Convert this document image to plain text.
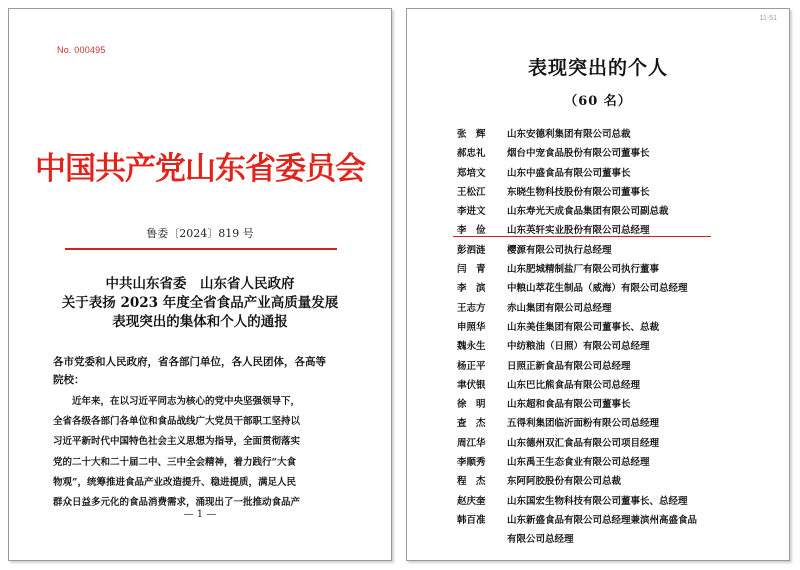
No. 000495
中国共产党山东省委员会
鲁委〔2024〕819 号
中共山东省委　山东省人民政府
关于表扬 2023 年度全省食品产业高质量发展
表现突出的集体和个人的通报
各市党委和人民政府，省各部门单位，各人民团体，各高等
院校：
　　近年来，在以习近平同志为核心的党中央坚强领导下，
全省各级各部门各单位和食品战线广大党员干部职工坚持以
习近平新时代中国特色社会主义思想为指导，全面贯彻落实
党的二十大和二十届二中、三中全会精神，着力践行“大食
物观”，统筹推进食品产业改造提升、稳进提质，满足人民
群众日益多元化的食品消费需求，涌现出了一批推动食品产
— 1 —
11-51
表现突出的个人
（60 名）
张　辉	山东安德利集团有限公司总裁
郝忠礼	烟台中宠食品股份有限公司董事长
郑培文	山东中盛食品有限公司董事长
王松江	东晓生物科技股份有限公司董事长
李进文	山东寿光天成食品集团有限公司副总裁
李　俭	山东英轩实业股份有限公司总经理
彭泗涟	樱源有限公司执行总经理
闫　青	山东肥城精制盐厂有限公司执行董事
李　滨	中粮山萃花生制品（威海）有限公司总经理
王志方	赤山集团有限公司总经理
申照华	山东美佳集团有限公司董事长、总裁
魏永生	中纺粮油（日照）有限公司总经理
杨正平	日照正新食品有限公司总经理
聿伏银	山东巴比熊食品有限公司总经理
徐　明	山东超和食品有限公司董事长
查　杰	五得利集团临沂面粉有限公司总经理
周江华	山东德州双汇食品有限公司项目经理
李顺秀	山东禹王生态食业有限公司总经理
程　杰	东阿阿胶股份有限公司总裁
赵庆奎	山东国宏生物科技有限公司董事长、总经理
韩百准	山东新盛食品有限公司总经理兼滨州高盛食品
有限公司总经理
